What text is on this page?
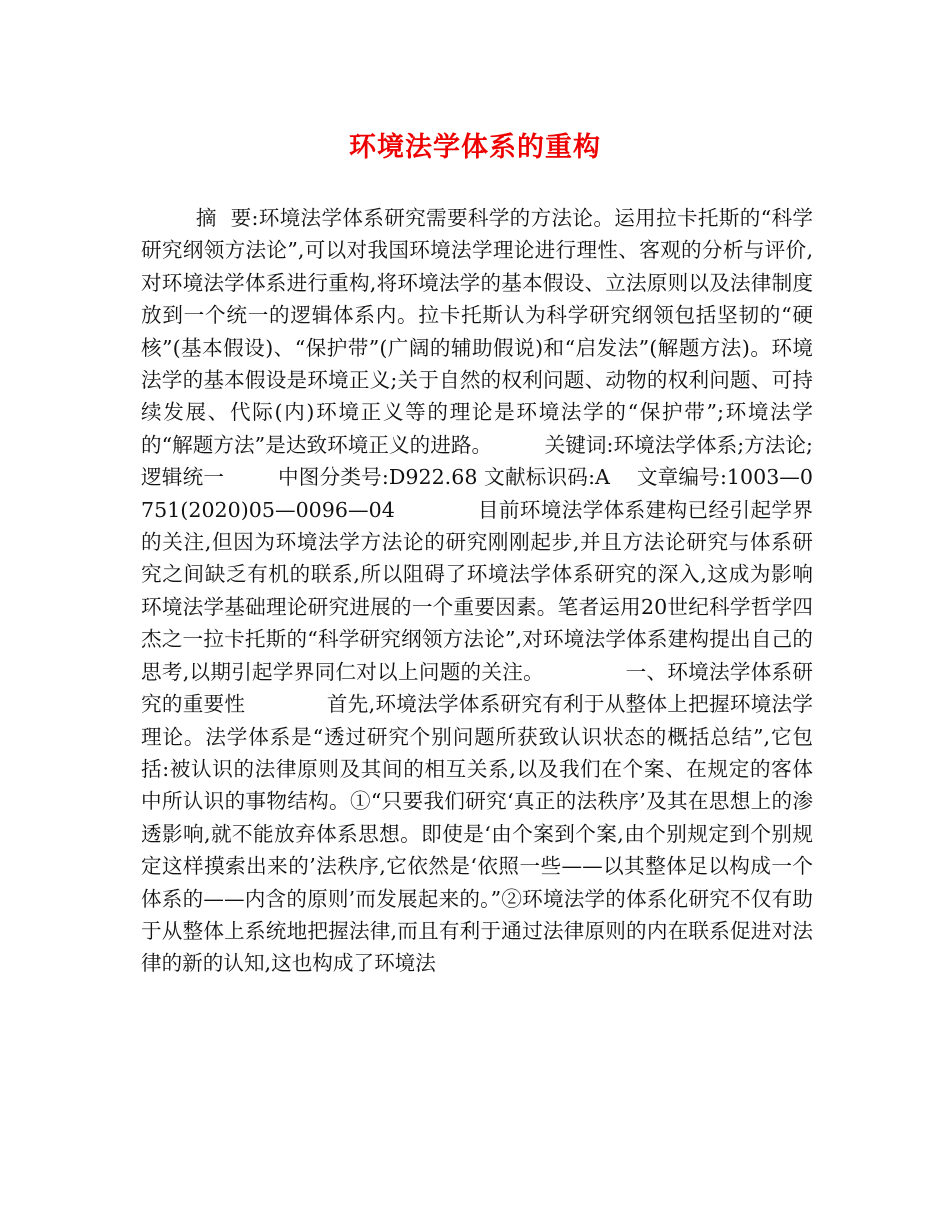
环境法学体系的重构

摘  要:环境法学体系研究需要科学的方法论。运用拉卡托斯的“科学研究纲领方法论”,可以对我国环境法学理论进行理性、客观的分析与评价,对环境法学体系进行重构,将环境法学的基本假设、立法原则以及法律制度放到一个统一的逻辑体系内。拉卡托斯认为科学研究纲领包括坚韧的“硬核”(基本假设)、“保护带”(广阔的辅助假说)和“启发法”(解题方法)。环境法学的基本假设是环境正义;关于自然的权利问题、动物的权利问题、可持续发展、代际(内)环境正义等的理论是环境法学的“保护带”;环境法学的“解题方法”是达致环境正义的进路。        关键词:环境法学体系;方法论;逻辑统一        中图分类号:D922.68 文献标识码:A    文章编号:1003—0751(2020)05—0096—04            目前环境法学体系建构已经引起学界的关注,但因为环境法学方法论的研究刚刚起步,并且方法论研究与体系研究之间缺乏有机的联系,所以阻碍了环境法学体系研究的深入,这成为影响环境法学基础理论研究进展的一个重要因素。笔者运用20世纪科学哲学四杰之一拉卡托斯的“科学研究纲领方法论”,对环境法学体系建构提出自己的思考,以期引起学界同仁对以上问题的关注。            一、环境法学体系研究的重要性            首先,环境法学体系研究有利于从整体上把握环境法学理论。法学体系是“透过研究个别问题所获致认识状态的概括总结”,它包括:被认识的法律原则及其间的相互关系,以及我们在个案、在规定的客体中所认识的事物结构。①“只要我们研究‘真正的法秩序’及其在思想上的渗透影响,就不能放弃体系思想。即使是‘由个案到个案,由个别规定到个别规定这样摸索出来的’法秩序,它依然是‘依照一些——以其整体足以构成一个体系的——内含的原则’而发展起来的。”②环境法学的体系化研究不仅有助于从整体上系统地把握法律,而且有利于通过法律原则的内在联系促进对法律的新的认知,这也构成了环境法
